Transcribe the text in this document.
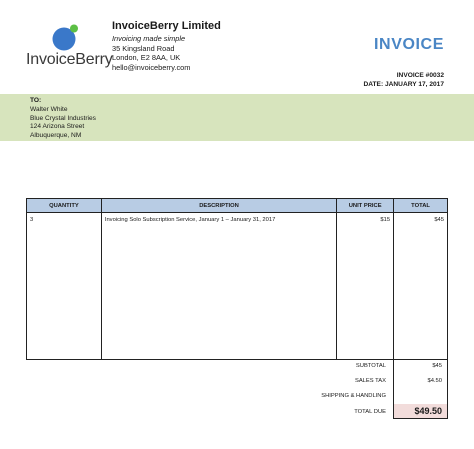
InvoiceBerry
InvoiceBerry Limited
Invoicing made simple
35 Kingsland Road
London, E2 8AA, UK
hello@invoiceberry.com
INVOICE
INVOICE #0032
DATE: JANUARY 17, 2017
TO:
Walter White
Blue Crystal Industries
124 Arizona Street
Albuquerque, NM
QUANTITY	DESCRIPTION	UNIT PRICE	TOTAL
3	Invoicing Solo Subscription Service, January 1 – January 31, 2017	$15	$45

SUBTOTAL	$45
SALES TAX	$4.50
SHIPPING & HANDLING
TOTAL DUE	$49.50
